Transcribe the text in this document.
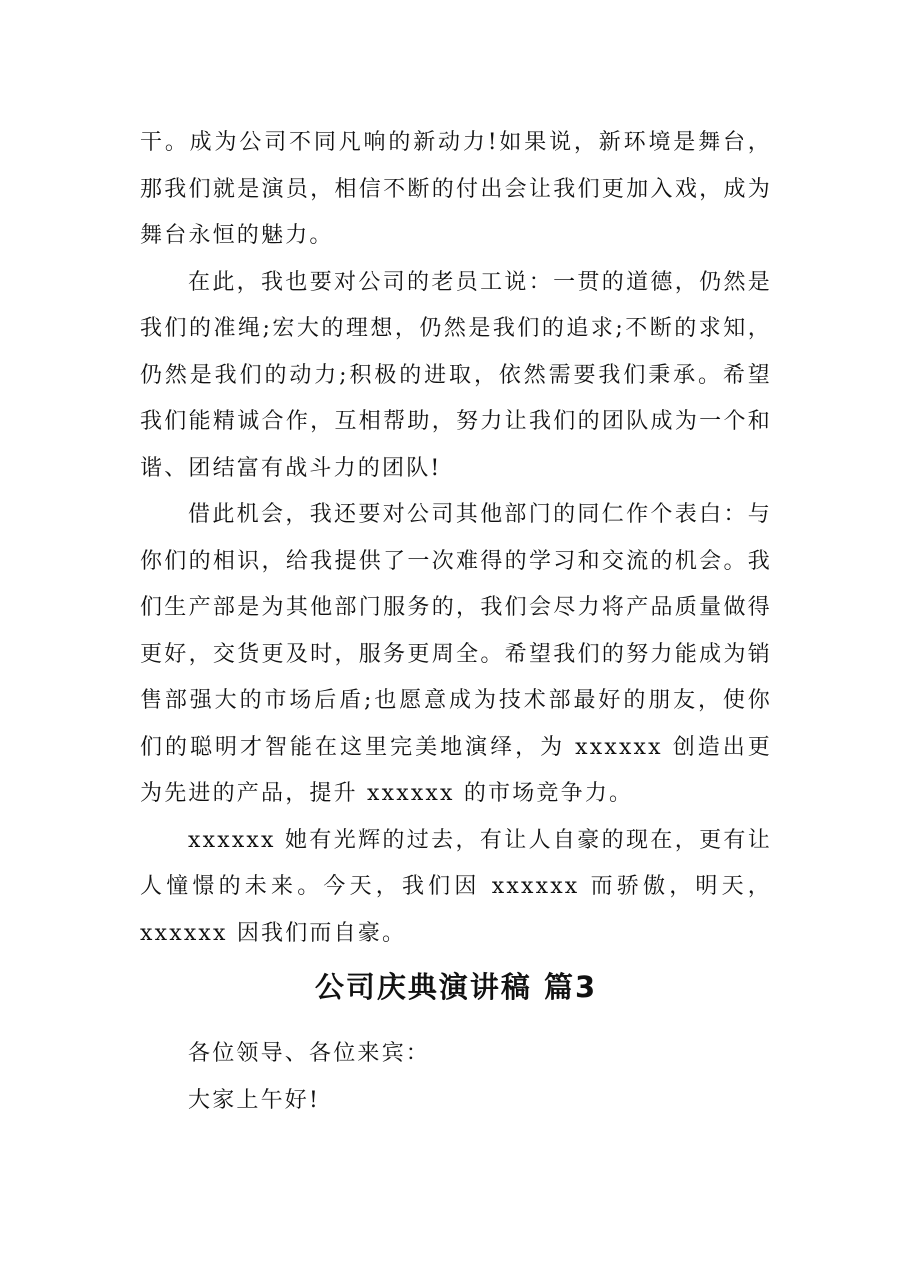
干。成为公司不同凡响的新动力!如果说，新环境是舞台，那我们就是演员，相信不断的付出会让我们更加入戏，成为舞台永恒的魅力。

在此，我也要对公司的老员工说：一贯的道德，仍然是我们的准绳;宏大的理想，仍然是我们的追求;不断的求知，仍然是我们的动力;积极的进取，依然需要我们秉承。希望我们能精诚合作，互相帮助，努力让我们的团队成为一个和谐、团结富有战斗力的团队!

借此机会，我还要对公司其他部门的同仁作个表白：与你们的相识，给我提供了一次难得的学习和交流的机会。我们生产部是为其他部门服务的，我们会尽力将产品质量做得更好，交货更及时，服务更周全。希望我们的努力能成为销售部强大的市场后盾;也愿意成为技术部最好的朋友，使你们的聪明才智能在这里完美地演绎，为 xxxxxx 创造出更为先进的产品，提升 xxxxxx 的市场竞争力。

xxxxxx 她有光辉的过去，有让人自豪的现在，更有让人憧憬的未来。今天，我们因 xxxxxx 而骄傲，明天，xxxxxx 因我们而自豪。

公司庆典演讲稿 篇3

各位领导、各位来宾：

大家上午好!
